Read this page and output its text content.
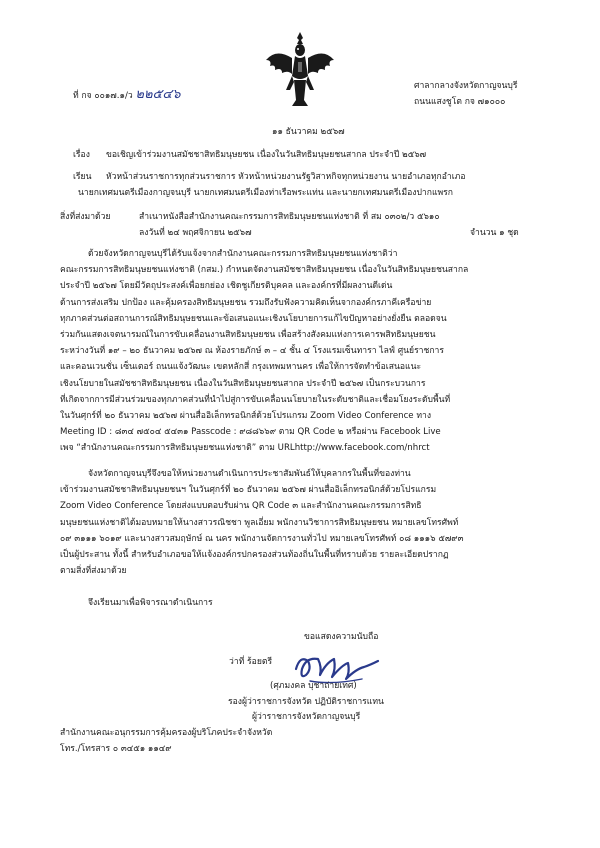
ที่ กจ ๐๐๑๗.๑/ว ๒๒๕๔๖
ศาลากลางจังหวัดกาญจนบุรี
ถนนแสงชูโต กจ ๗๑๐๐๐
๑๑ ธันวาคม ๒๕๖๗
เรื่อง ขอเชิญเข้าร่วมงานสมัชชาสิทธิมนุษยชน เนื่องในวันสิทธิมนุษยชนสากล ประจำปี ๒๕๖๗
เรียน หัวหน้าส่วนราชการทุกส่วนราชการ หัวหน้าหน่วยงานรัฐวิสาหกิจทุกหน่วยงาน นายอำเภอทุกอำเภอ
นายกเทศมนตรีเมืองกาญจนบุรี นายกเทศมนตรีเมืองท่าเรือพระแท่น และนายกเทศมนตรีเมืองปากแพรก
สิ่งที่ส่งมาด้วย	สำเนาหนังสือสำนักงานคณะกรรมการสิทธิมนุษยชนแห่งชาติ ที่ สม ๐๓๐๒/ว ๕๖๑๐
ลงวันที่ ๒๔ พฤศจิกายน ๒๕๖๗	จำนวน ๑ ชุด
ด้วยจังหวัดกาญจนบุรีได้รับแจ้งจากสำนักงานคณะกรรมการสิทธิมนุษยชนแห่งชาติว่า
คณะกรรมการสิทธิมนุษยชนแห่งชาติ (กสม.) กำหนดจัดงานสมัชชาสิทธิมนุษยชน เนื่องในวันสิทธิมนุษยชนสากล
ประจำปี ๒๕๖๗ โดยมีวัตถุประสงค์เพื่อยกย่อง เชิดชูเกียรติบุคคล และองค์กรที่มีผลงานดีเด่น
ด้านการส่งเสริม ปกป้อง และคุ้มครองสิทธิมนุษยชน รวมถึงรับฟังความคิดเห็นจากองค์กรภาคีเครือข่าย
ทุกภาคส่วนต่อสถานการณ์สิทธิมนุษยชนและข้อเสนอแนะเชิงนโยบายการแก้ไขปัญหาอย่างยั่งยืน ตลอดจน
ร่วมกันแสดงเจตนารมณ์ในการขับเคลื่อนงานสิทธิมนุษยชน เพื่อสร้างสังคมแห่งการเคารพสิทธิมนุษยชน
ระหว่างวันที่ ๑๙ – ๒๐ ธันวาคม ๒๕๖๗ ณ ห้องรายภักษ์ ๓ – ๔ ชั้น ๔ โรงแรมเซ็นทารา ไลฟ์ ศูนย์ราชการ
และคอนเวนชั่น เซ็นเตอร์ ถนนแจ้งวัฒนะ เขตหลักสี่ กรุงเทพมหานคร เพื่อให้การจัดทำข้อเสนอแนะ
เชิงนโยบายในสมัชชาสิทธิมนุษยชน เนื่องในวันสิทธิมนุษยชนสากล ประจำปี ๒๕๖๗ เป็นกระบวนการ
ที่เกิดจากการมีส่วนร่วมของทุกภาคส่วนที่นำไปสู่การขับเคลื่อนนโยบายในระดับชาติและเชื่อมโยงระดับพื้นที่
ในวันศุกร์ที่ ๒๐ ธันวาคม ๒๕๖๗ ผ่านสื่ออิเล็กทรอนิกส์ด้วยโปรแกรม Zoom Video Conference ทาง
Meeting ID : ๘๓๔ ๗๕๐๔ ๕๔๓๑ Passcode : ๙๘๘๖๖๙ ตาม QR Code ๒ หรือผ่าน Facebook Live
เพจ “สำนักงานคณะกรรมการสิทธิมนุษยชนแห่งชาติ” ตาม URLhttp://www.facebook.com/nhrct
จังหวัดกาญจนบุรีจึงขอให้หน่วยงานดำเนินการประชาสัมพันธ์ให้บุคลากรในพื้นที่ของท่าน
เข้าร่วมงานสมัชชาสิทธิมนุษยชนฯ ในวันศุกร์ที่ ๒๐ ธันวาคม ๒๕๖๗ ผ่านสื่ออิเล็กทรอนิกส์ด้วยโปรแกรม
Zoom Video Conference โดยส่งแบบตอบรับผ่าน QR Code ๓ และสำนักงานคณะกรรมการสิทธิ
มนุษยชนแห่งชาติได้มอบหมายให้นางสาวรณิชชา พูลเอี่ยม พนักงานวิชาการสิทธิมนุษยชน หมายเลขโทรศัพท์
๐๙ ๓๑๑๑ ๖๐๑๙ และนางสาวสมฤษักษ์ ณ นคร พนักงานจัดการงานทั่วไป หมายเลขโทรศัพท์ ๐๘ ๑๑๑๖ ๕๗๙๓
เป็นผู้ประสาน ทั้งนี้ สำหรับอำเภอขอให้แจ้งองค์กรปกครองส่วนท้องถิ่นในพื้นที่ทราบด้วย รายละเอียดปรากฏ
ตามสิ่งที่ส่งมาด้วย
จึงเรียนมาเพื่อพิจารณาดำเนินการ
ขอแสดงความนับถือ
ว่าที่ ร้อยตรี
(ศุภมงคล บุชาถ่ายเทศ)
รองผู้ว่าราชการจังหวัด ปฏิบัติราชการแทน
ผู้ว่าราชการจังหวัดกาญจนบุรี
สำนักงานคณะอนุกรรมการคุ้มครองผู้บริโภคประจำจังหวัด
โทร./โทรสาร ๐ ๓๔๕๑ ๑๑๔๙
